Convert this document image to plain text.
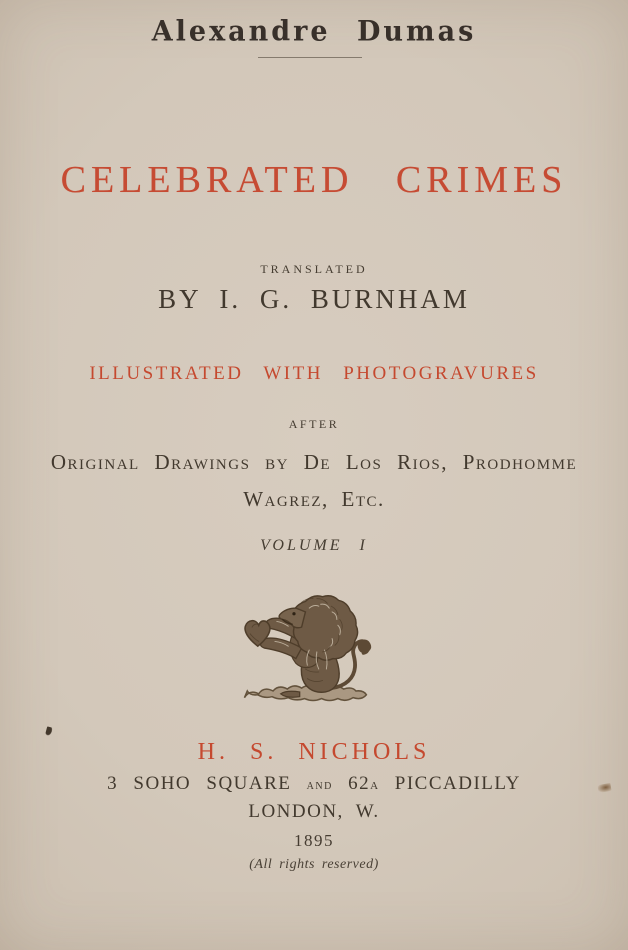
Alexandre Dumas
CELEBRATED CRIMES
TRANSLATED
BY I. G. BURNHAM
ILLUSTRATED WITH PHOTOGRAVURES
AFTER
Original Drawings by De Los Rios, Prodhomme
Wagrez, Etc.
VOLUME I
H. S. NICHOLS
3 SOHO SQUARE and 62a PICCADILLY
LONDON, W.
1895
(All rights reserved)
